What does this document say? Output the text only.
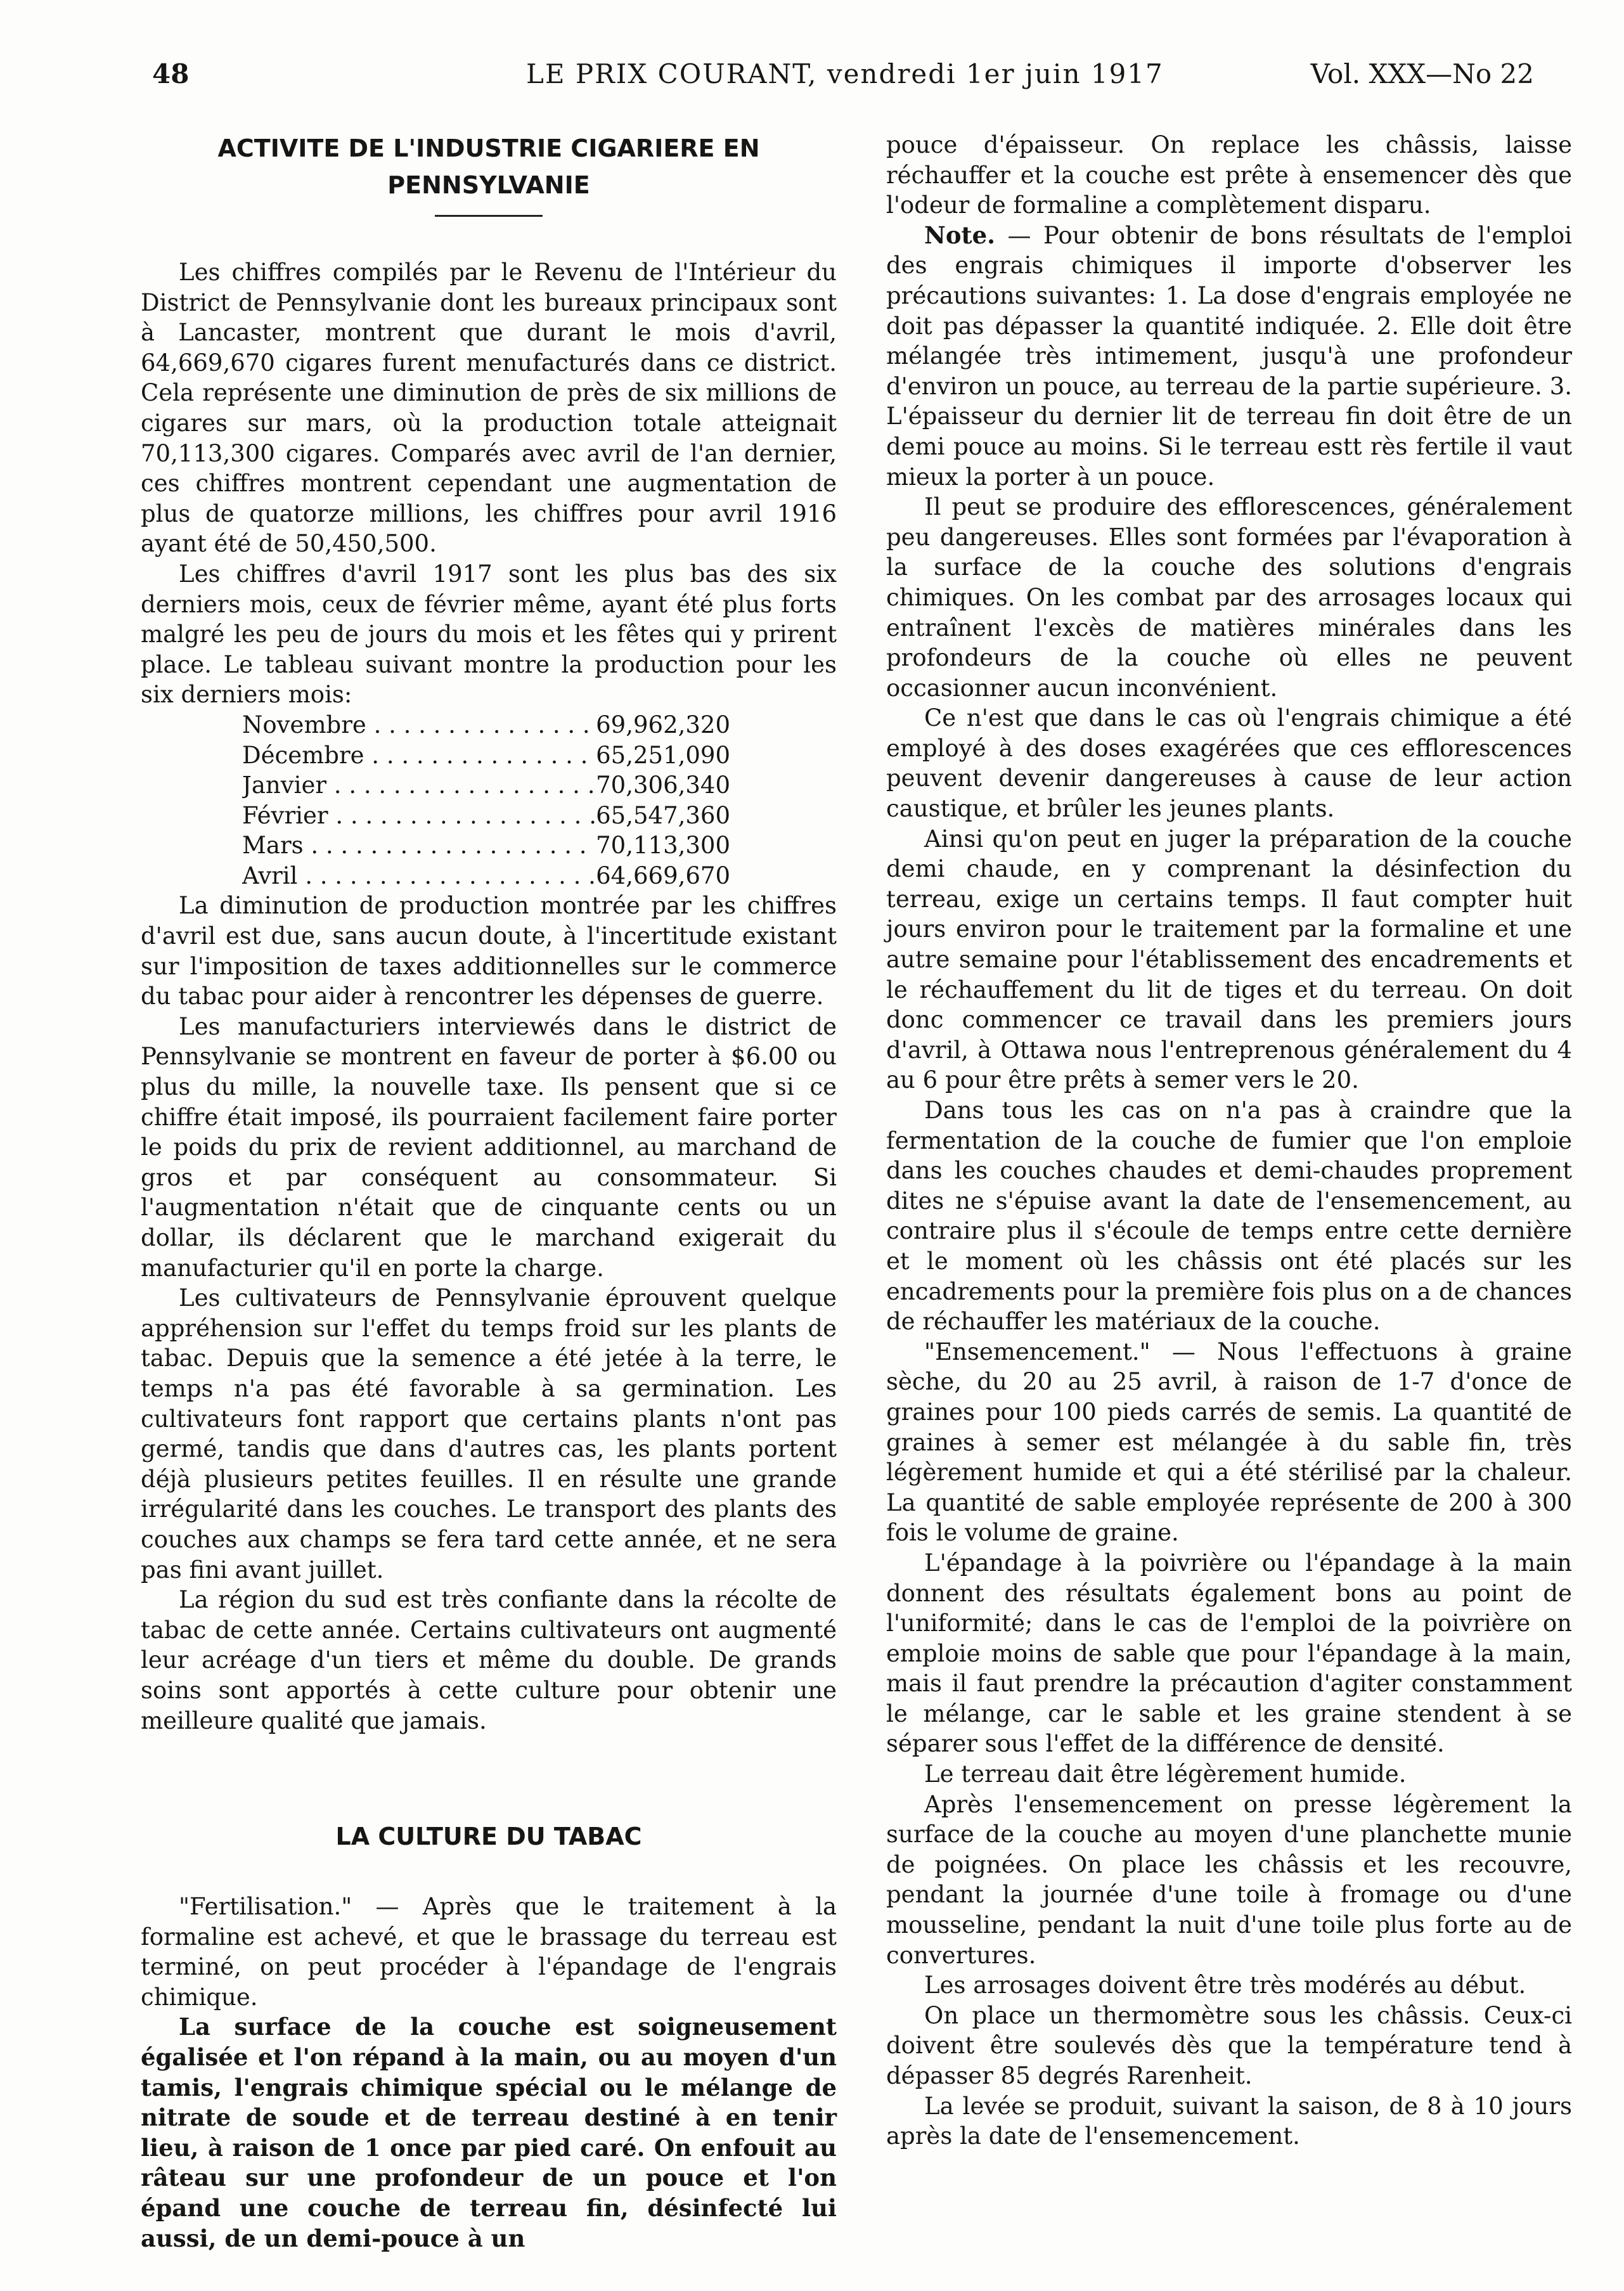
48	LE PRIX COURANT, vendredi 1er juin 1917	Vol. XXX—No 22
ACTIVITE DE L'INDUSTRIE CIGARIERE EN PENNSYLVANIE

Les chiffres compilés par le Revenu de l'Intérieur du District de Pennsylvanie dont les bureaux principaux sont à Lancaster, montrent que durant le mois d'avril, 64,669,670 cigares furent menufacturés dans ce district. Cela représente une diminution de près de six millions de cigares sur mars, où la production totale atteignait 70,113,300 cigares. Comparés avec avril de l'an dernier, ces chiffres montrent cependant une augmentation de plus de quatorze millions, les chiffres pour avril 1916 ayant été de 50,450,500.

Les chiffres d'avril 1917 sont les plus bas des six derniers mois, ceux de février même, ayant été plus forts malgré les peu de jours du mois et les fêtes qui y prirent place. Le tableau suivant montre la production pour les six derniers mois:

Novembre . . .	69,962,320
Décembre . . .	65,251,090
Janvier . . .	70,306,340
Février . . .	65,547,360
Mars . . .	70,113,300
Avril . . .	64,669,670

La diminution de production montrée par les chiffres d'avril est due, sans aucun doute, à l'incertitude existant sur l'imposition de taxes additionnelles sur le commerce du tabac pour aider à rencontrer les dépenses de guerre.

Les manufacturiers interviewés dans le district de Pennsylvanie se montrent en faveur de porter à $6.00 ou plus du mille, la nouvelle taxe. Ils pensent que si ce chiffre était imposé, ils pourraient facilement faire porter le poids du prix de revient additionnel, au marchand de gros et par conséquent au consommateur. Si l'augmentation n'était que de cinquante cents ou un dollar, ils déclarent que le marchand exigerait du manufacturier qu'il en porte la charge.

Les cultivateurs de Pennsylvanie éprouvent quelque appréhension sur l'effet du temps froid sur les plants de tabac. Depuis que la semence a été jetée à la terre, le temps n'a pas été favorable à sa germination. Les cultivateurs font rapport que certains plants n'ont pas germé, tandis que dans d'autres cas, les plants portent déjà plusieurs petites feuilles. Il en résulte une grande irrégularité dans les couches. Le transport des plants des couches aux champs se fera tard cette année, et ne sera pas fini avant juillet.

La région du sud est très confiante dans la récolte de tabac de cette année. Certains cultivateurs ont augmenté leur acréage d'un tiers et même du double. De grands soins sont apportés à cette culture pour obtenir une meilleure qualité que jamais.

LA CULTURE DU TABAC

"Fertilisation." — Après que le traitement à la formaline est achevé, et que le brassage du terreau est terminé, on peut procéder à l'épandage de l'engrais chimique.

La surface de la couche est soigneusement égalisée et l'on répand à la main, ou au moyen d'un tamis, l'engrais chimique spécial ou le mélange de nitrate de soude et de terreau destiné à en tenir lieu, à raison de 1 once par pied caré. On enfouit au râteau sur une profondeur de un pouce et l'on épand une couche de terreau fin, désinfecté lui aussi, de un demi-pouce à un

pouce d'épaisseur. On replace les châssis, laisse réchauffer et la couche est prête à ensemencer dès que l'odeur de formaline a complètement disparu.

Note. — Pour obtenir de bons résultats de l'emploi des engrais chimiques il importe d'observer les précautions suivantes: 1. La dose d'engrais employée ne doit pas dépasser la quantité indiquée. 2. Elle doit être mélangée très intimement, jusqu'à une profondeur d'environ un pouce, au terreau de la partie supérieure. 3. L'épaisseur du dernier lit de terreau fin doit être de un demi pouce au moins. Si le terreau estt rès fertile il vaut mieux la porter à un pouce.

Il peut se produire des efflorescences, généralement peu dangereuses. Elles sont formées par l'évaporation à la surface de la couche des solutions d'engrais chimiques. On les combat par des arrosages locaux qui entraînent l'excès de matières minérales dans les profondeurs de la couche où elles ne peuvent occasionner aucun inconvénient.

Ce n'est que dans le cas où l'engrais chimique a été employé à des doses exagérées que ces efflorescences peuvent devenir dangereuses à cause de leur action caustique, et brûler les jeunes plants.

Ainsi qu'on peut en juger la préparation de la couche demi chaude, en y comprenant la désinfection du terreau, exige un certains temps. Il faut compter huit jours environ pour le traitement par la formaline et une autre semaine pour l'établissement des encadrements et le réchauffement du lit de tiges et du terreau. On doit donc commencer ce travail dans les premiers jours d'avril, à Ottawa nous l'entreprenous généralement du 4 au 6 pour être prêts à semer vers le 20.

Dans tous les cas on n'a pas à craindre que la fermentation de la couche de fumier que l'on emploie dans les couches chaudes et demi-chaudes proprement dites ne s'épuise avant la date de l'ensemencement, au contraire plus il s'écoule de temps entre cette dernière et le moment où les châssis ont été placés sur les encadrements pour la première fois plus on a de chances de réchauffer les matériaux de la couche.

"Ensemencement." — Nous l'effectuons à graine sèche, du 20 au 25 avril, à raison de 1-7 d'once de graines pour 100 pieds carrés de semis. La quantité de graines à semer est mélangée à du sable fin, très légèrement humide et qui a été stérilisé par la chaleur. La quantité de sable employée représente de 200 à 300 fois le volume de graine.

L'épandage à la poivrière ou l'épandage à la main donnent des résultats également bons au point de l'uniformité; dans le cas de l'emploi de la poivrière on emploie moins de sable que pour l'épandage à la main, mais il faut prendre la précaution d'agiter constamment le mélange, car le sable et les graine stendent à se séparer sous l'effet de la différence de densité.

Le terreau dait être légèrement humide.

Après l'ensemencement on presse légèrement la surface de la couche au moyen d'une planchette munie de poignées. On place les châssis et les recouvre, pendant la journée d'une toile à fromage ou d'une mousseline, pendant la nuit d'une toile plus forte au de convertures.

Les arrosages doivent être très modérés au début.

On place un thermomètre sous les châssis. Ceux-ci doivent être soulevés dès que la température tend à dépasser 85 degrés Rarenheit.

La levée se produit, suivant la saison, de 8 à 10 jours après la date de l'ensemencement.
